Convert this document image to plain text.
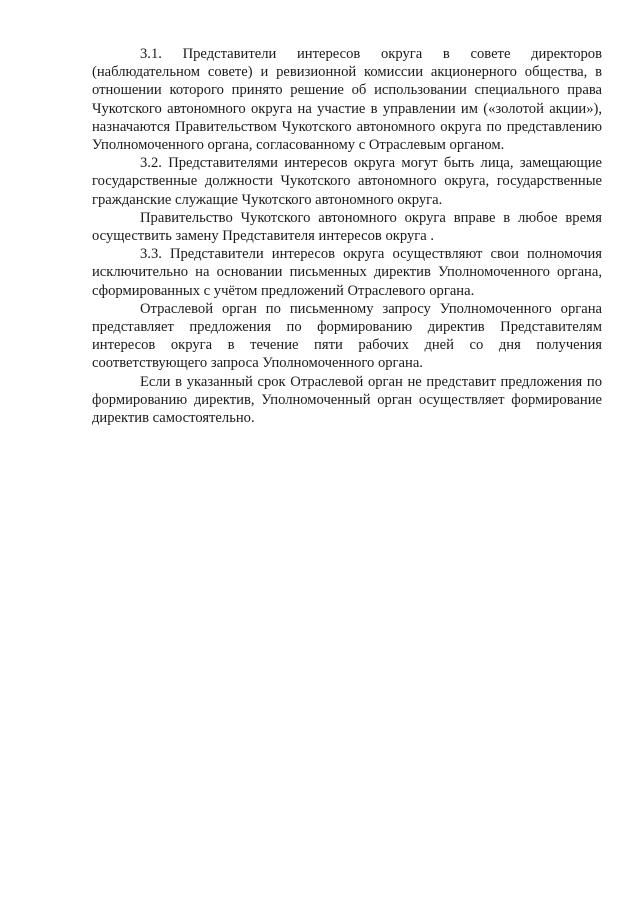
3.1. Представители интересов округа в совете директоров (наблюдательном совете) и ревизионной комиссии акционерного общества, в отношении которого принято решение об использовании специального права Чукотского автономного округа на участие в управлении им («золотой акции»), назначаются Правительством Чукотского автономного округа по представлению Уполномоченного органа, согласованному с Отраслевым органом.

3.2. Представителями интересов округа могут быть лица, замещающие государственные должности Чукотского автономного округа, государственные гражданские служащие Чукотского автономного округа.

Правительство Чукотского автономного округа вправе в любое время осуществить замену Представителя интересов округа .

3.3. Представители интересов округа осуществляют свои полномочия исключительно на основании письменных директив Уполномоченного органа, сформированных с учётом предложений Отраслевого органа.

Отраслевой орган по письменному запросу Уполномоченного органа представляет предложения по формированию директив Представителям интересов округа в течение пяти рабочих дней со дня получения соответствующего запроса Уполномоченного органа.

Если в указанный срок Отраслевой орган не представит предложения по формированию директив, Уполномоченный орган осуществляет формирование директив самостоятельно.
